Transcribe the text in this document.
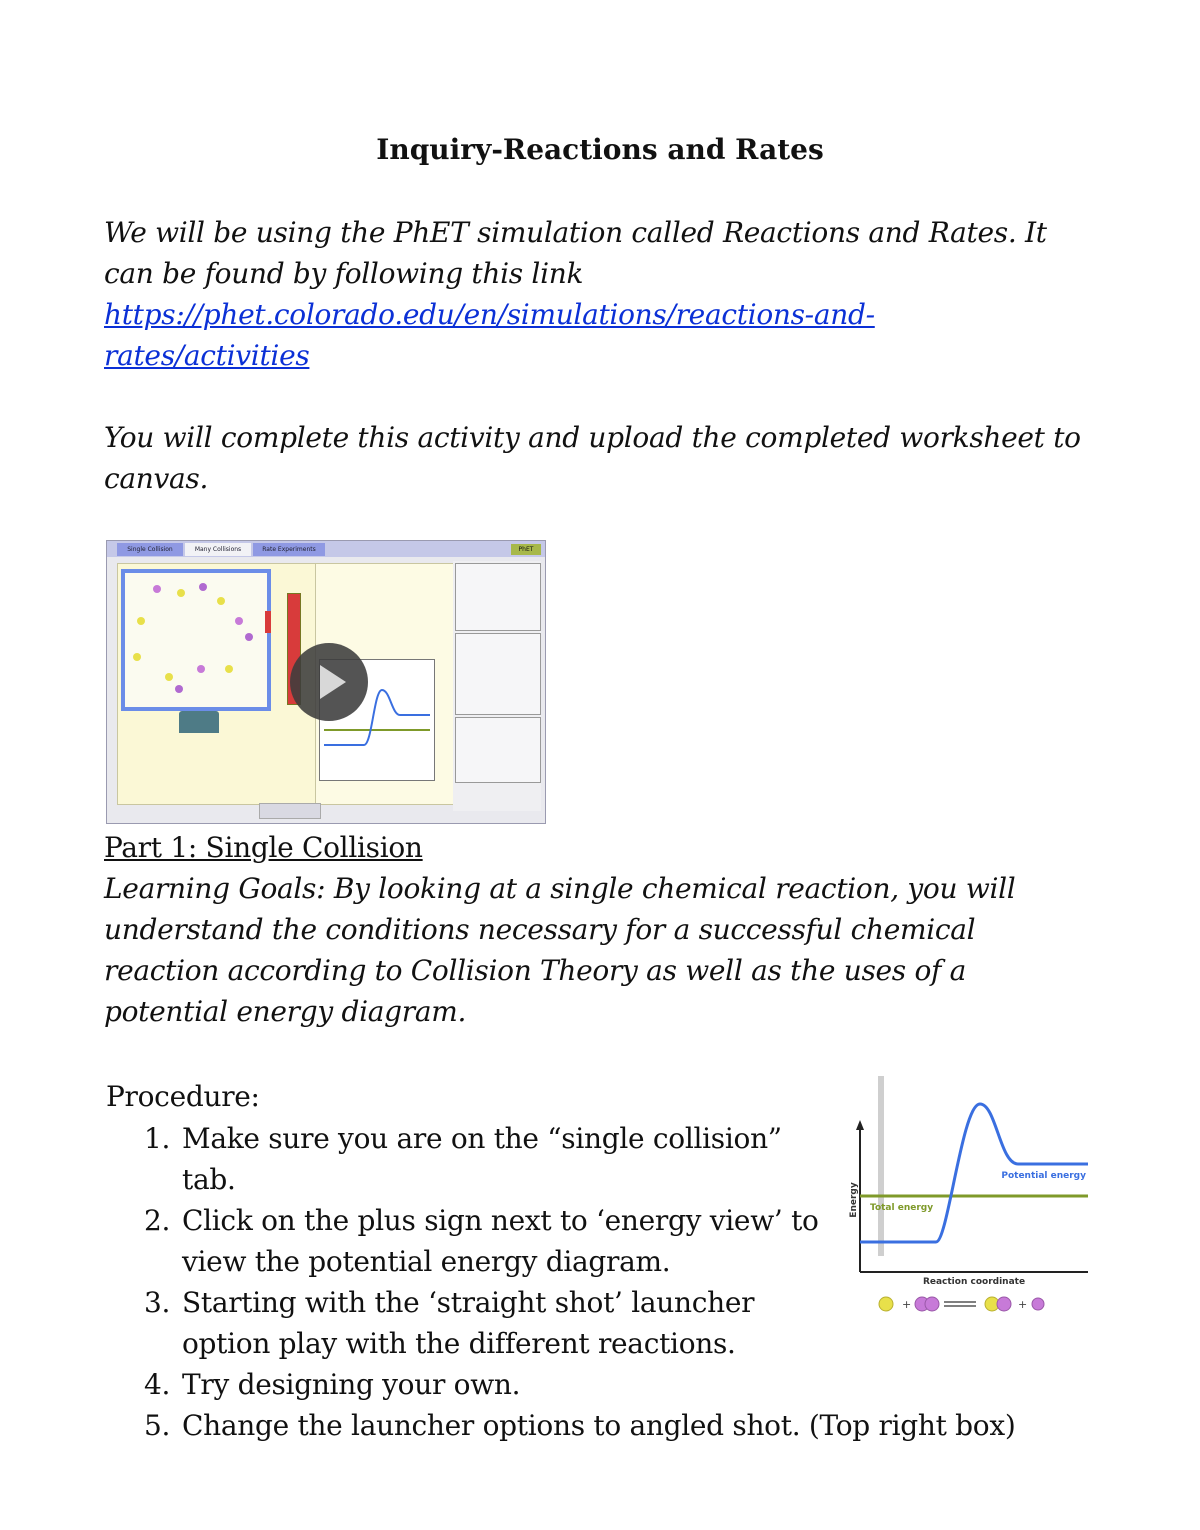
Inquiry-Reactions and Rates

We will be using the PhET simulation called Reactions and Rates. It

can be found by following this link

https://phet.colorado.edu/en/simulations/reactions-and-

rates/activities

You will complete this activity and upload the completed worksheet to

canvas.

Single Collision	Many Collisions	Rate Experiments	PhET
Part 1: Single Collision
Learning Goals: By looking at a single chemical reaction, you will
understand the conditions necessary for a successful chemical
reaction according to Collision Theory as well as the uses of a
potential energy diagram.
Procedure:
1. Make sure you are on the “single collision”
tab.
2. Click on the plus sign next to ‘energy view’ to
view the potential energy diagram.
3. Starting with the ‘straight shot’ launcher
option play with the different reactions.
4. Try designing your own.
5. Change the launcher options to angled shot. (Top right box)
Energy
Potential energy
Total energy
Reaction coordinate
+	+
